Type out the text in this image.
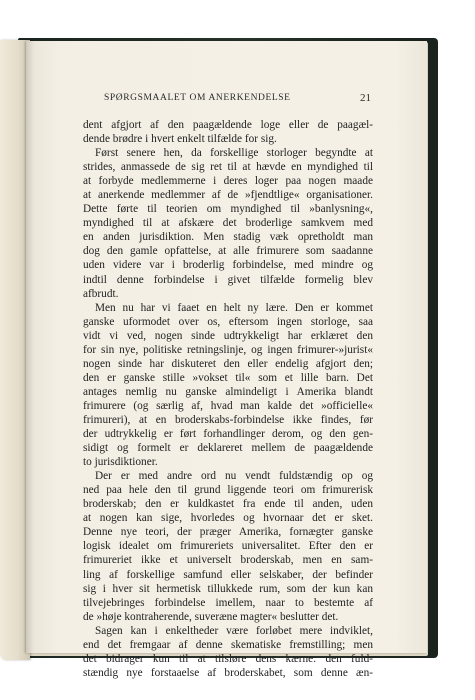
SPØRGSMAALET OM ANERKENDELSE	21
dent afgjort af den paagældende loge eller de paagæl-
dende brødre i hvert enkelt tilfælde for sig.
Først senere hen, da forskellige storloger begyndte at
strides, anmassede de sig ret til at hævde en myndighed til
at forbyde medlemmerne i deres loger paa nogen maade
at anerkende medlemmer af de »fjendtlige« organisationer.
Dette førte til teorien om myndighed til »banlysning«,
myndighed til at afskære det broderlige samkvem med
en anden jurisdiktion. Men stadig væk opretholdt man
dog den gamle opfattelse, at alle frimurere som saadanne
uden videre var i broderlig forbindelse, med mindre og
indtil denne forbindelse i givet tilfælde formelig blev
afbrudt.
Men nu har vi faaet en helt ny lære. Den er kommet
ganske uformodet over os, eftersom ingen storloge, saa
vidt vi ved, nogen sinde udtrykkeligt har erklæret den
for sin nye, politiske retningslinje, og ingen frimurer-»jurist«
nogen sinde har diskuteret den eller endelig afgjort den;
den er ganske stille »vokset til« som et lille barn. Det
antages nemlig nu ganske almindeligt i Amerika blandt
frimurere (og særlig af, hvad man kalde det »officielle«
frimureri), at en broderskabs-forbindelse ikke findes, før
der udtrykkelig er ført forhandlinger derom, og den gen-
sidigt og formelt er deklareret mellem de paagældende
to jurisdiktioner.
Der er med andre ord nu vendt fuldstændig op og
ned paa hele den til grund liggende teori om frimurerisk
broderskab; den er kuldkastet fra ende til anden, uden
at nogen kan sige, hvorledes og hvornaar det er sket.
Denne nye teori, der præger Amerika, fornægter ganske
logisk idealet om frimureriets universalitet. Efter den er
frimureriet ikke et universelt broderskab, men en sam-
ling af forskellige samfund eller selskaber, der befinder
sig i hver sit hermetisk tillukkede rum, som der kun kan
tilvejebringes forbindelse imellem, naar to bestemte af
de »høje kontraherende, suveræne magter« beslutter det.
Sagen kan i enkeltheder være forløbet mere indviklet,
end det fremgaar af denne skematiske fremstilling; men
det bidrager kun til at tilsløre dens kærne: den fuld-
stændig nye forstaaelse af broderskabet, som denne æn-
